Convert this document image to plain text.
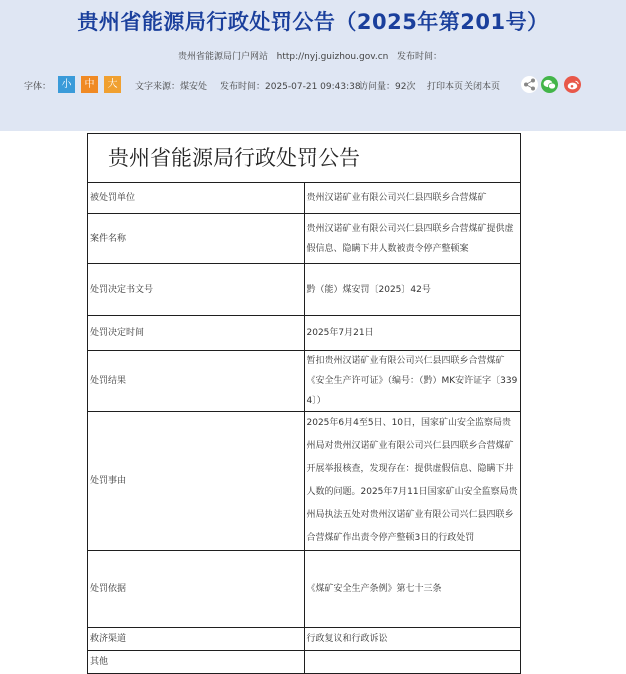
贵州省能源局行政处罚公告（2025年第201号）
贵州省能源局门户网站 http://nyj.guizhou.gov.cn 发布时间：
字体：	小	中	大	文字来源：煤安处 发布时间：2025-07-21 09:43:38
访问量：92次 打印本页 关闭本页
贵州省能源局行政处罚公告	
被处罚单位	贵州汉诺矿业有限公司兴仁县四联乡合营煤矿
案件名称	贵州汉诺矿业有限公司兴仁县四联乡合营煤矿提供虚假信息、隐瞒下井人数被责令停产整顿案
处罚决定书文号	黔（能）煤安罚〔2025〕42号
处罚决定时间	2025年7月21日
处罚结果	暂扣贵州汉诺矿业有限公司兴仁县四联乡合营煤矿《安全生产许可证》（编号：（黔）MK安许证字〔3394〕）
处罚事由	2025年6月4至5日、10日，国家矿山安全监察局贵州局对贵州汉诺矿业有限公司兴仁县四联乡合营煤矿开展举报核查，发现存在：提供虚假信息、隐瞒下井人数的问题。2025年7月11日国家矿山安全监察局贵州局执法五处对贵州汉诺矿业有限公司兴仁县四联乡合营煤矿作出责令停产整顿3日的行政处罚
处罚依据	《煤矿安全生产条例》第七十三条
救济渠道	行政复议和行政诉讼
其他	
